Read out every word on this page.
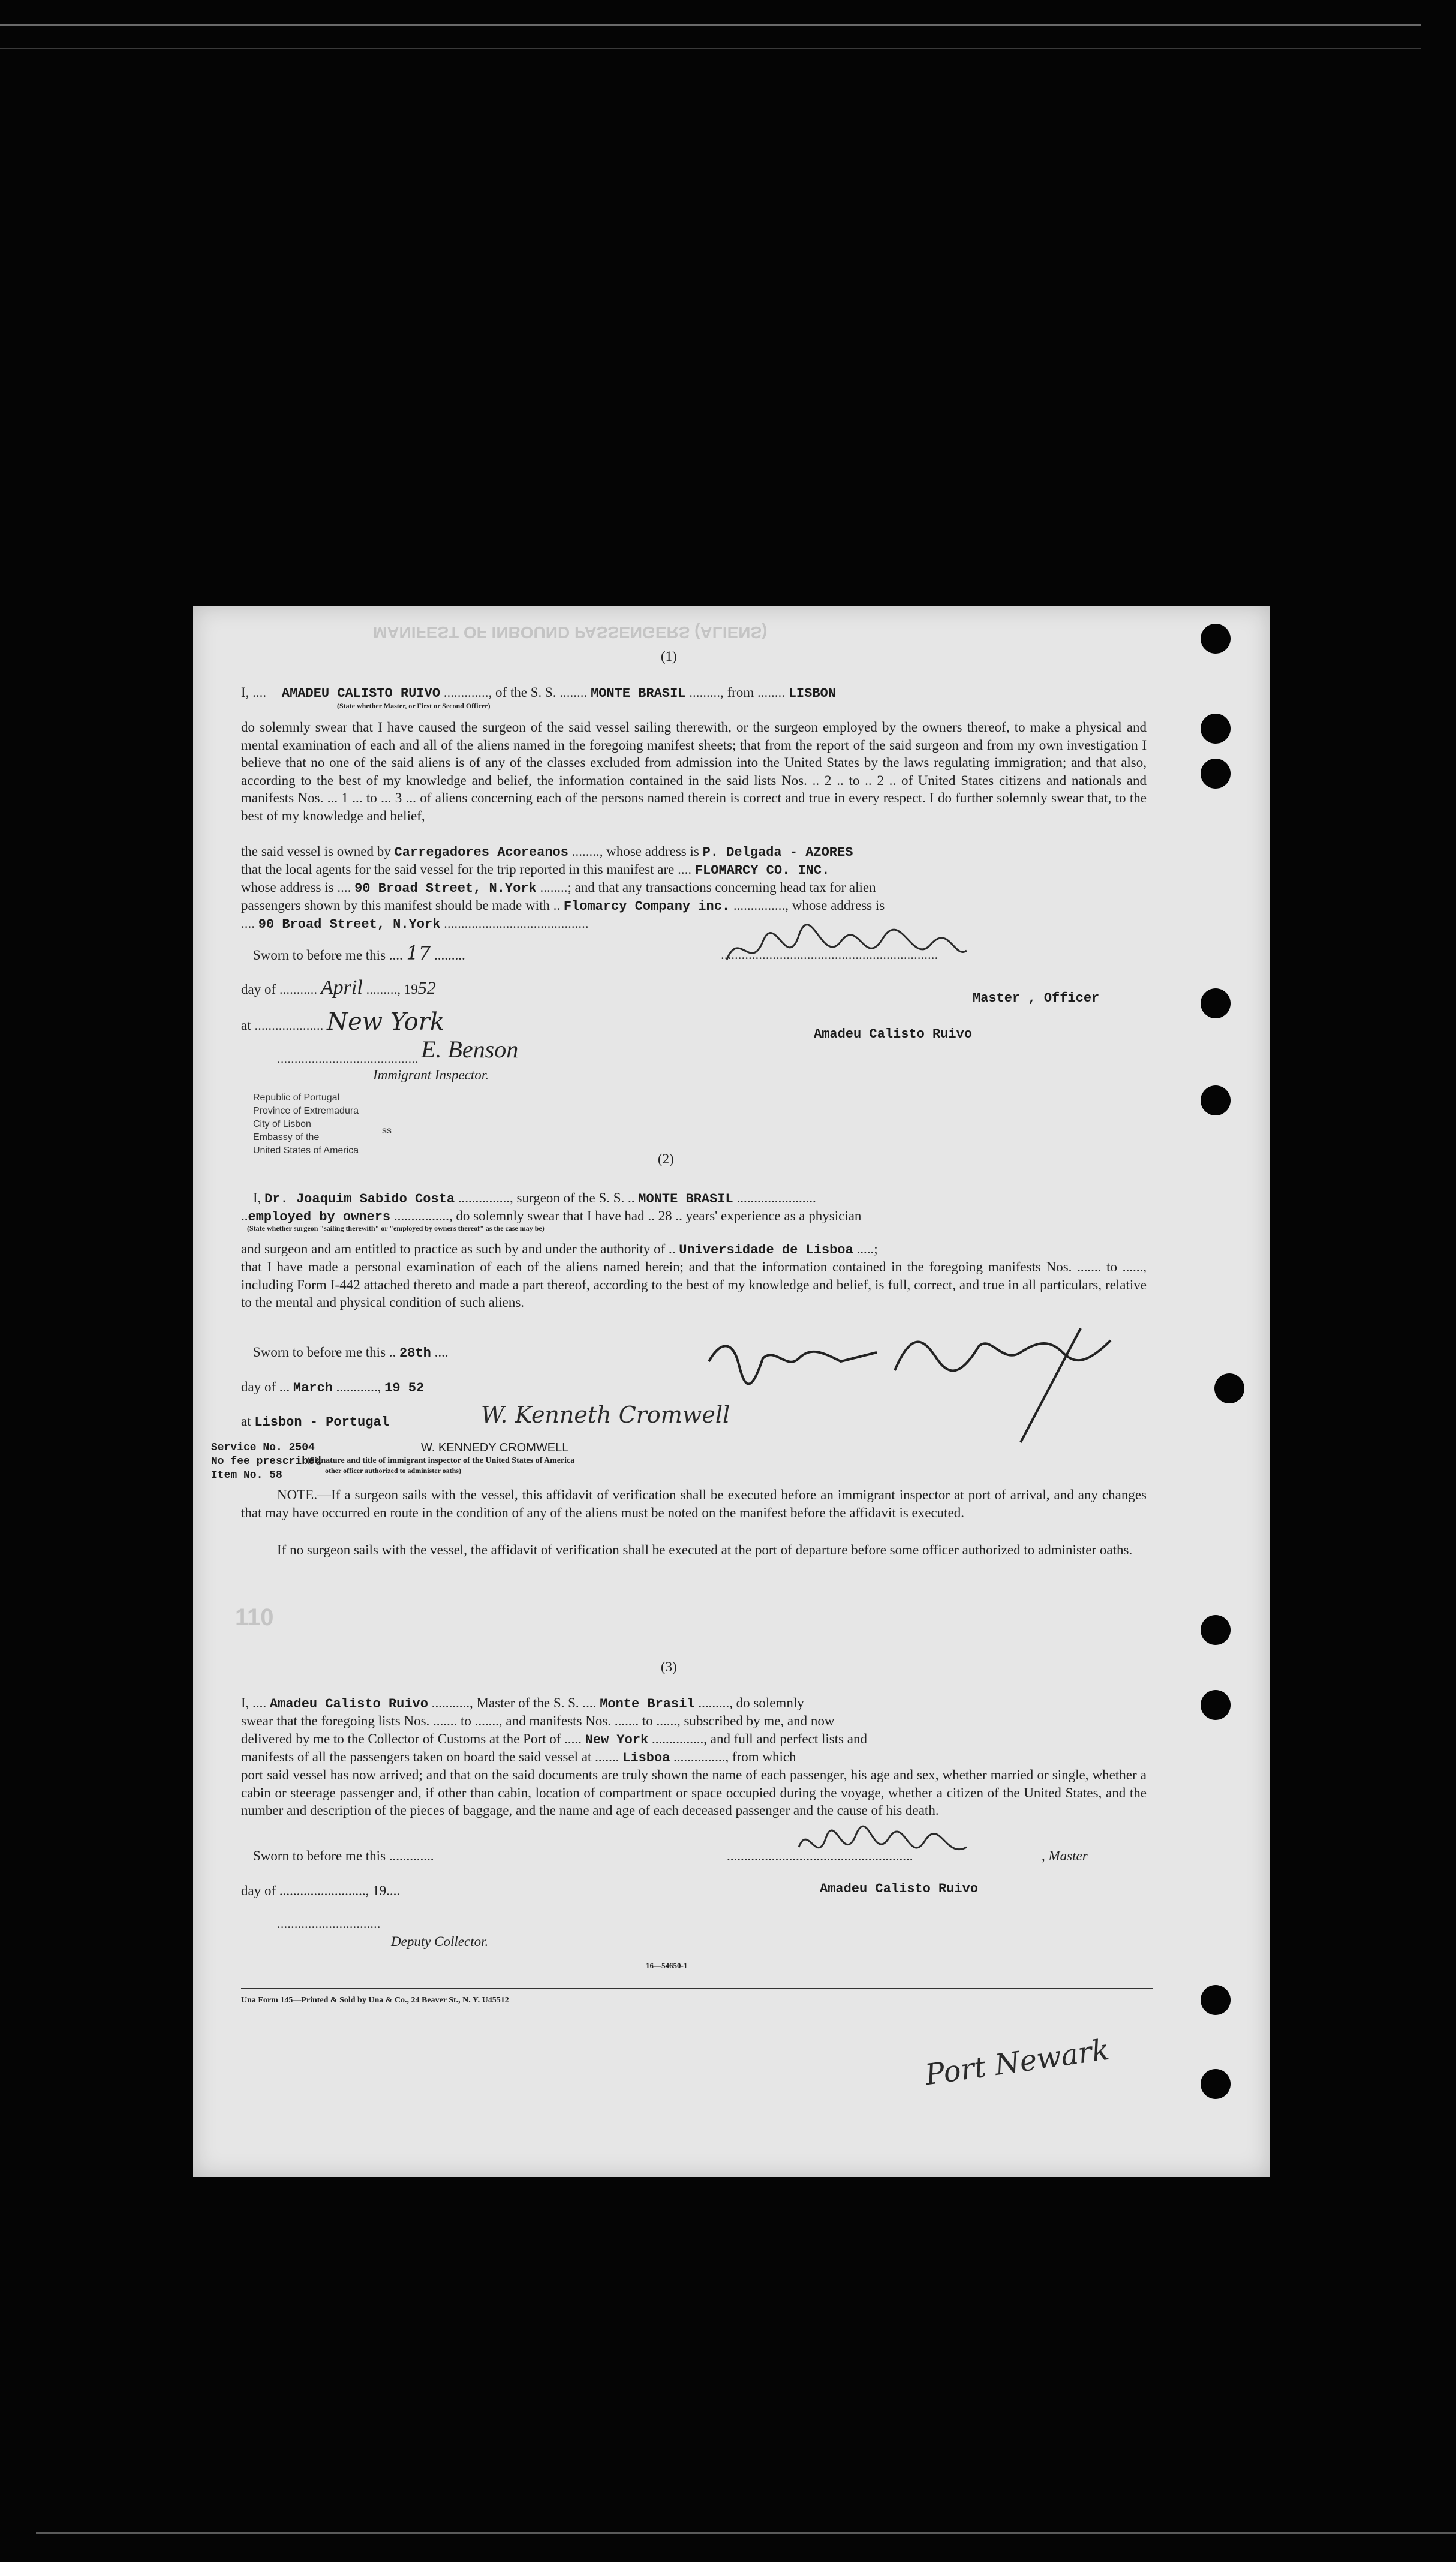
MANIFEST OF INBOUND PASSENGERS (ALIENS)
110
(1)
I, .... AMADEU CALISTO RUIVO ............., of the S. S. ........ MONTE BRASIL ........., from ........ LISBON
(State whether Master, or First or Second Officer)
do solemnly swear that I have caused the surgeon of the said vessel sailing therewith, or the surgeon employed by the owners thereof, to make a physical and mental examination of each and all of the aliens named in the foregoing manifest sheets; that from the report of the said surgeon and from my own investigation I believe that no one of the said aliens is of any of the classes excluded from admission into the United States by the laws regulating immigration; and that also, according to the best of my knowledge and belief, the information contained in the said lists Nos. .. 2 .. to .. 2 .. of United States citizens and nationals and manifests Nos. ... 1 ... to ... 3 ... of aliens concerning each of the persons named therein is correct and true in every respect. I do further solemnly swear that, to the best of my knowledge and belief,
the said vessel is owned by Carregadores Acoreanos ........, whose address is P. Delgada - AZORES
that the local agents for the said vessel for the trip reported in this manifest are .... FLOMARCY CO. INC.
whose address is .... 90 Broad Street, N.York ........; and that any transactions concerning head tax for alien
passengers shown by this manifest should be made with .. Flomarcy Company inc. ..............., whose address is
.... 90 Broad Street, N.York ..........................................
Sworn to before me this .... 17 .........
day of ........... April ........., 1952
at .................... New York
E. Benson
.........................................
Immigrant Inspector.
...............................................................
Master , Officer
Amadeu Calisto Ruivo
Republic of Portugal
Province of Extremadura
City of Lisbon
Embassy of the
United States of America
ss
(2)
I, Dr. Joaquim Sabido Costa ..............., surgeon of the S. S. .. MONTE BRASIL .......................
..employed by owners ................, do solemnly swear that I have had .. 28 .. years' experience as a physician
(State whether surgeon "sailing therewith" or "employed by owners thereof" as the case may be)
and surgeon and am entitled to practice as such by and under the authority of .. Universidade de Lisboa .....;
that I have made a personal examination of each of the aliens named herein; and that the information contained in the foregoing manifests Nos. ....... to ......, including Form I-442 attached thereto and made a part thereof, according to the best of my knowledge and belief, is full, correct, and true in all particulars, relative to the mental and physical condition of such aliens.
Sworn to before me this .. 28th ....
day of ... March ............, 19 52
at Lisbon - Portugal	W. Kenneth Cromwell
W. KENNEDY CROMWELL
Service No. 2504
No fee prescribed
Item No. 58
(Signature and title of immigrant inspector of the United States of America
other officer authorized to administer oaths)
NOTE.—If a surgeon sails with the vessel, this affidavit of verification shall be executed before an immigrant inspector at port of arrival, and any changes that may have occurred en route in the condition of any of the aliens must be noted on the manifest before the affidavit is executed.
If no surgeon sails with the vessel, the affidavit of verification shall be executed at the port of departure before some officer authorized to administer oaths.
(3)
I, .... Amadeu Calisto Ruivo ..........., Master of the S. S. .... Monte Brasil ........., do solemnly
swear that the foregoing lists Nos. ....... to ......., and manifests Nos. ....... to ......, subscribed by me, and now
delivered by me to the Collector of Customs at the Port of ..... New York ..............., and full and perfect lists and
manifests of all the passengers taken on board the said vessel at ....... Lisboa ..............., from which
port said vessel has now arrived; and that on the said documents are truly shown the name of each passenger, his age and sex, whether married or single, whether a cabin or steerage passenger and, if other than cabin, location of compartment or space occupied during the voyage, whether a citizen of the United States, and the number and description of the pieces of baggage, and the name and age of each deceased passenger and the cause of his death.
Sworn to before me this .............
day of ........................., 19....
..............................
Deputy Collector.
......................................................	, Master
Amadeu Calisto Ruivo
16—54650-1
Una Form 145—Printed & Sold by Una & Co., 24 Beaver St., N. Y. U45512
Port Newark
